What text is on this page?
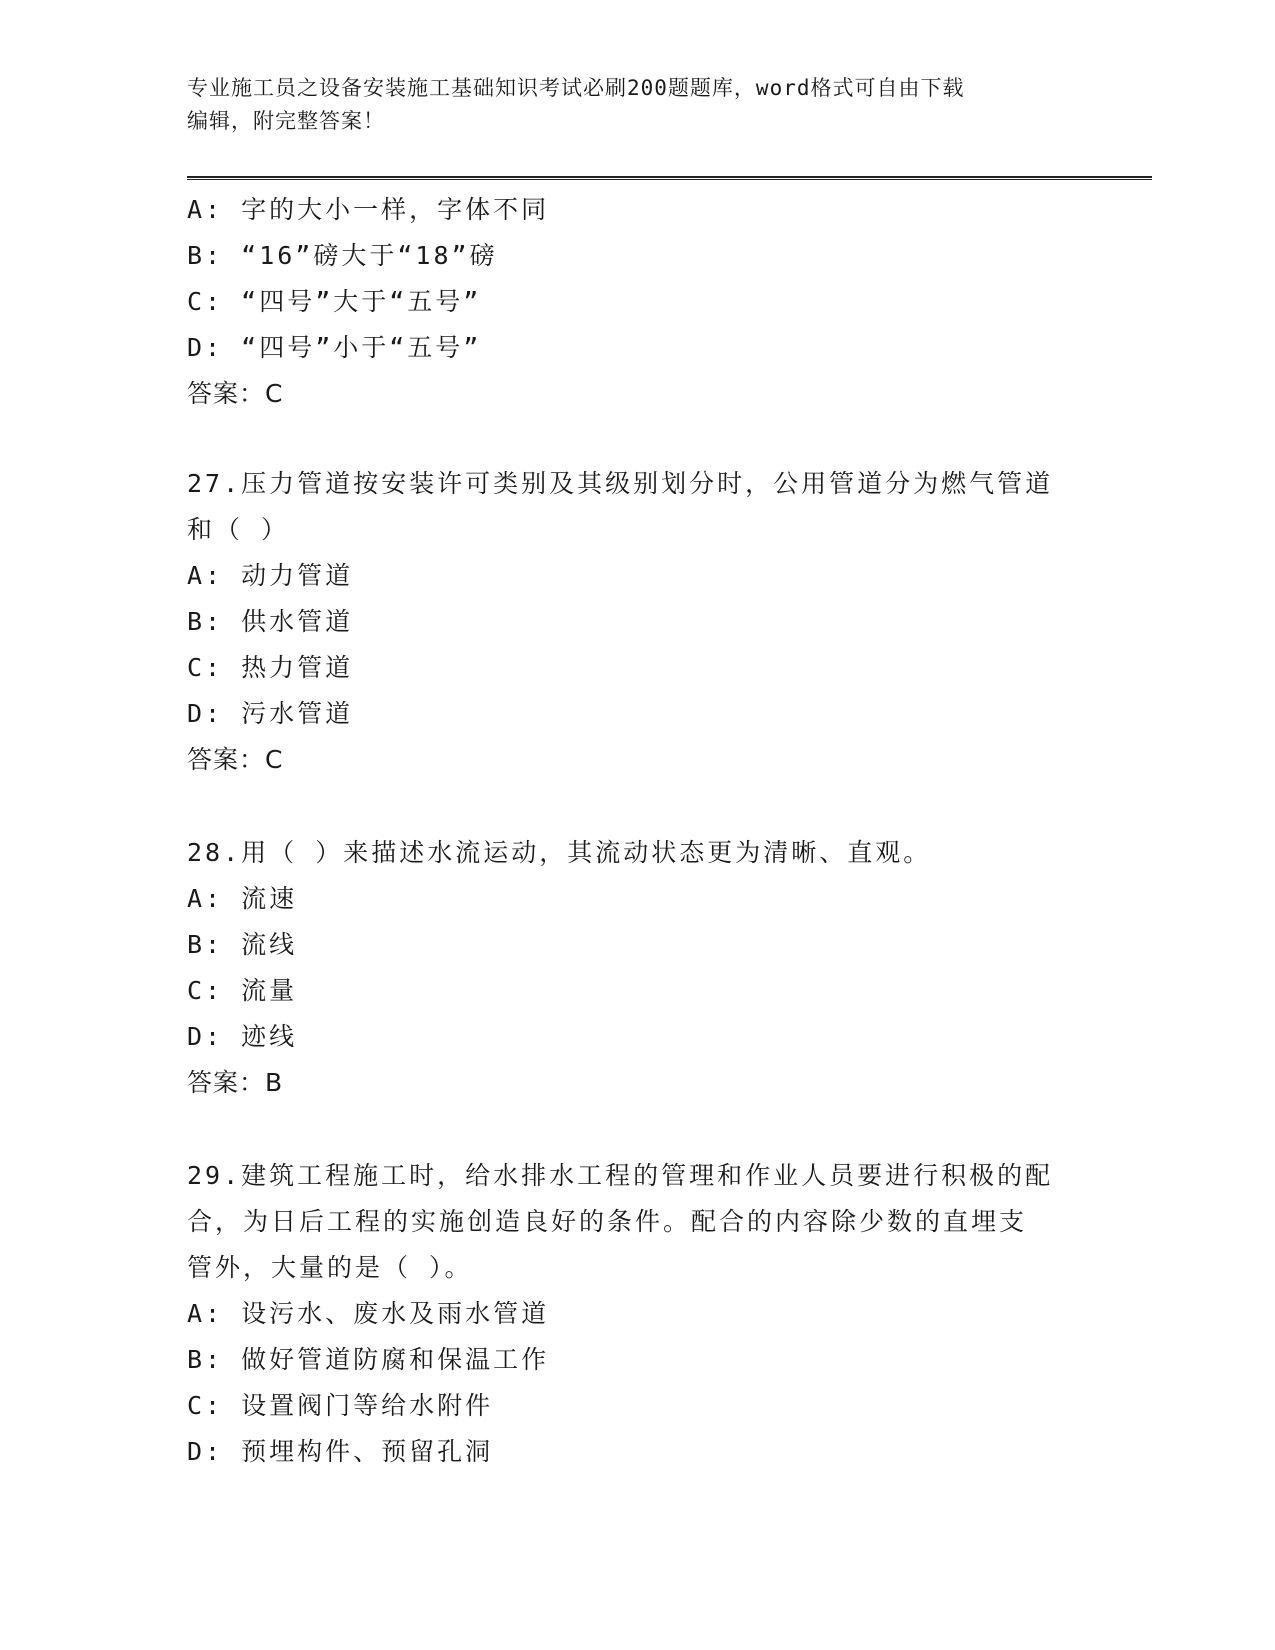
专业施工员之设备安装施工基础知识考试必刷200题题库，word格式可自由下载
编辑，附完整答案！
A: 字的大小一样，字体不同
B: “16”磅大于“18”磅
C: “四号”大于“五号”
D: “四号”小于“五号”
答案：C
27.压力管道按安装许可类别及其级别划分时，公用管道分为燃气管道
和（ ）
A: 动力管道
B: 供水管道
C: 热力管道
D: 污水管道
答案：C
28.用（ ）来描述水流运动，其流动状态更为清晰、直观。
A: 流速
B: 流线
C: 流量
D: 迹线
答案：B
29.建筑工程施工时，给水排水工程的管理和作业人员要进行积极的配
合，为日后工程的实施创造良好的条件。配合的内容除少数的直埋支
管外，大量的是（ ）。
A: 设污水、废水及雨水管道
B: 做好管道防腐和保温工作
C: 设置阀门等给水附件
D: 预埋构件、预留孔洞
